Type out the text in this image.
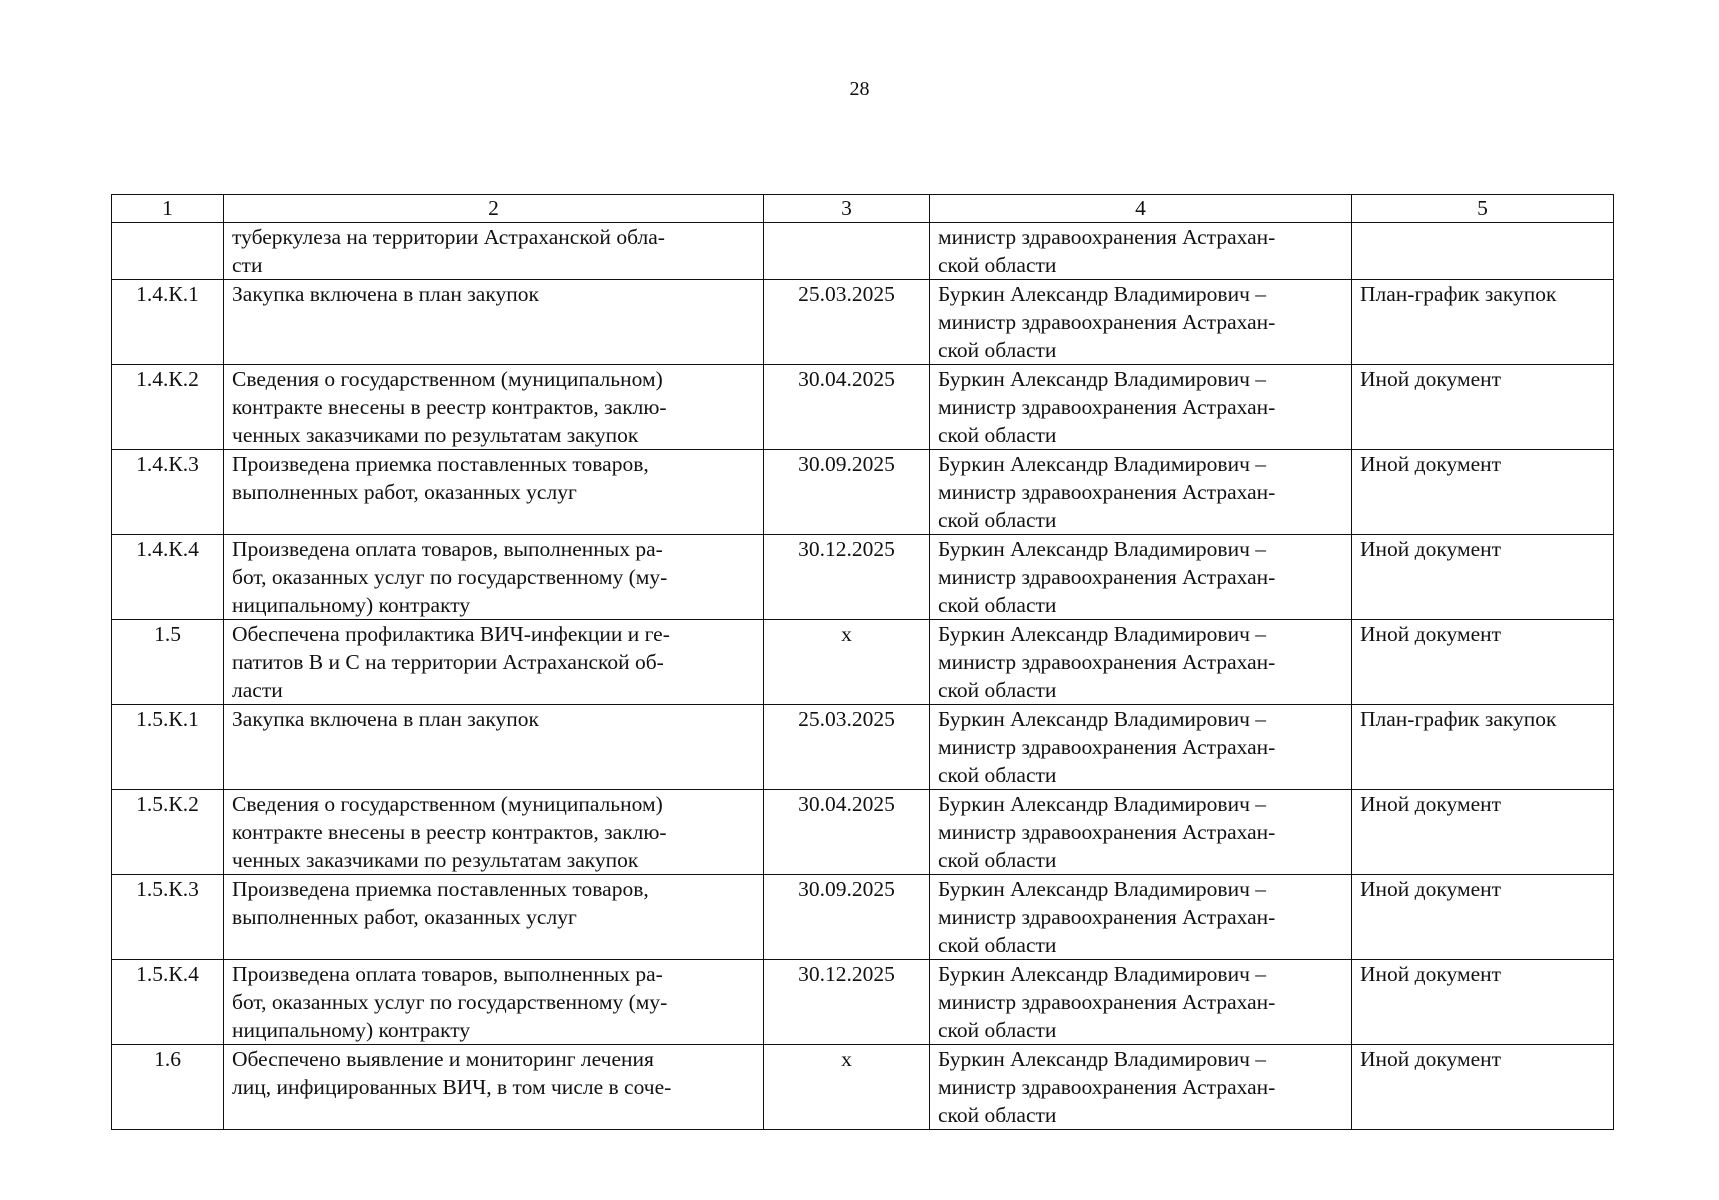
28
1	2	3	4	5
	туберкулеза на территории Астраханской обла-
сти		министр здравоохранения Астрахан-
ской области	
1.4.К.1	Закупка включена в план закупок	25.03.2025	Буркин Александр Владимирович –
министр здравоохранения Астрахан-
ской области	План-график закупок
1.4.К.2	Сведения о государственном (муниципальном)
контракте внесены в реестр контрактов, заклю-
ченных заказчиками по результатам закупок	30.04.2025	Буркин Александр Владимирович –
министр здравоохранения Астрахан-
ской области	Иной документ
1.4.К.3	Произведена приемка поставленных товаров,
выполненных работ, оказанных услуг	30.09.2025	Буркин Александр Владимирович –
министр здравоохранения Астрахан-
ской области	Иной документ
1.4.К.4	Произведена оплата товаров, выполненных ра-
бот, оказанных услуг по государственному (му-
ниципальному) контракту	30.12.2025	Буркин Александр Владимирович –
министр здравоохранения Астрахан-
ской области	Иной документ
1.5	Обеспечена профилактика ВИЧ-инфекции и ге-
патитов В и С на территории Астраханской об-
ласти	х	Буркин Александр Владимирович –
министр здравоохранения Астрахан-
ской области	Иной документ
1.5.К.1	Закупка включена в план закупок	25.03.2025	Буркин Александр Владимирович –
министр здравоохранения Астрахан-
ской области	План-график закупок
1.5.К.2	Сведения о государственном (муниципальном)
контракте внесены в реестр контрактов, заклю-
ченных заказчиками по результатам закупок	30.04.2025	Буркин Александр Владимирович –
министр здравоохранения Астрахан-
ской области	Иной документ
1.5.К.3	Произведена приемка поставленных товаров,
выполненных работ, оказанных услуг	30.09.2025	Буркин Александр Владимирович –
министр здравоохранения Астрахан-
ской области	Иной документ
1.5.К.4	Произведена оплата товаров, выполненных ра-
бот, оказанных услуг по государственному (му-
ниципальному) контракту	30.12.2025	Буркин Александр Владимирович –
министр здравоохранения Астрахан-
ской области	Иной документ
1.6	Обеспечено выявление и мониторинг лечения
лиц, инфицированных ВИЧ, в том числе в соче-	х	Буркин Александр Владимирович –
министр здравоохранения Астрахан-
ской области	Иной документ
